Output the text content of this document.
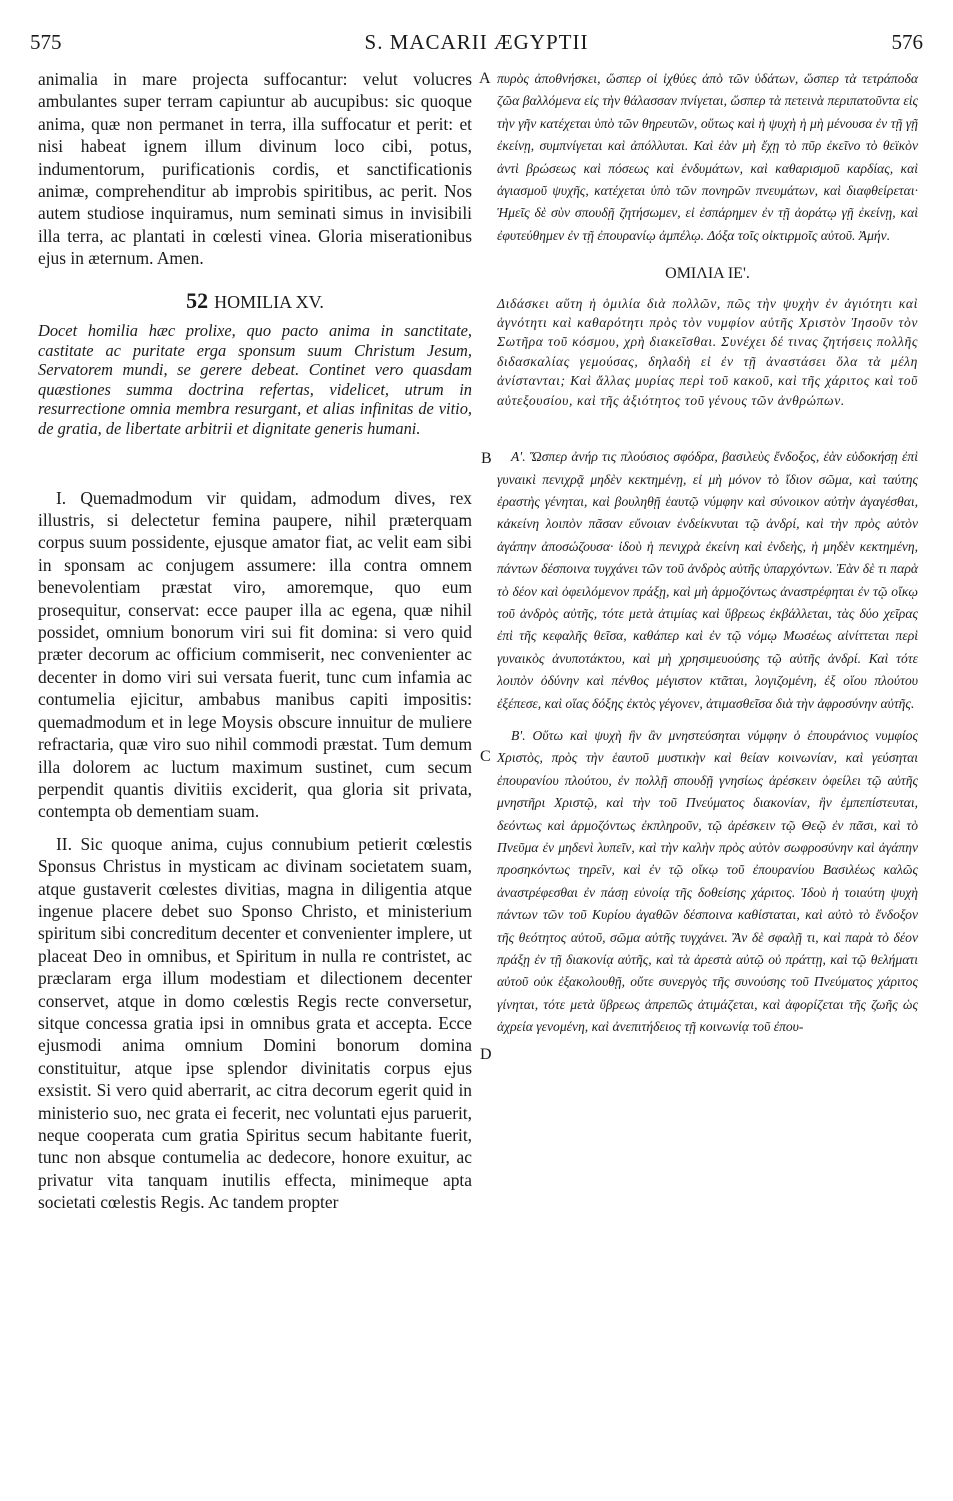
575	S. MACARII ÆGYPTII	576

animalia in mare projecta suffocantur: velut volucres ambulantes super terram capiuntur ab aucupibus: sic quoque anima, quæ non permanet in terra, illa suffocatur et perit: et nisi habeat ignem illum divinum loco cibi, potus, indumentorum, purificationis cordis, et sanctificationis animæ, comprehenditur ab improbis spiritibus, ac perit. Nos autem studiose inquiramus, num seminati simus in invisibili illa terra, ac plantati in cœlesti vinea. Gloria miserationibus ejus in æternum. Amen.

52 HOMILIA XV.

Docet homilia hæc prolixe, quo pacto anima in sanctitate, castitate ac puritate erga sponsum suum Christum Jesum, Servatorem mundi, se gerere debeat. Continet vero quasdam quæstiones summa doctrina refertas, videlicet, utrum in resurrectione omnia membra resurgant, et alias infinitas de vitio, de gratia, de libertate arbitrii et dignitate generis humani.

I. Quemadmodum vir quidam, admodum dives, rex illustris, si delectetur femina paupere, nihil præterquam corpus suum possidente, ejusque amator fiat, ac velit eam sibi in sponsam ac conjugem assumere: illa contra omnem benevolentiam præstat viro, amoremque, quo eum prosequitur, conservat: ecce pauper illa ac egena, quæ nihil possidet, omnium bonorum viri sui fit domina: si vero quid præter decorum ac officium commiserit, nec convenienter ac decenter in domo viri sui versata fuerit, tunc cum infamia ac contumelia ejicitur, ambabus manibus capiti impositis: quemadmodum et in lege Moysis obscure innuitur de muliere refractaria, quæ viro suo nihil commodi præstat. Tum demum illa dolorem ac luctum maximum sustinet, cum secum perpendit quantis divitiis exciderit, qua gloria sit privata, contempta ob dementiam suam.

II. Sic quoque anima, cujus connubium petierit cœlestis Sponsus Christus in mysticam ac divinam societatem suam, atque gustaverit cœlestes divitias, magna in diligentia atque ingenue placere debet suo Sponso Christo, et ministerium spiritum sibi concreditum decenter et convenienter implere, ut placeat Deo in omnibus, et Spiritum in nulla re contristet, ac præclaram erga illum modestiam et dilectionem decenter conservet, atque in domo cœlestis Regis recte conversetur, sitque concessa gratia ipsi in omnibus grata et accepta. Ecce ejusmodi anima omnium Domini bonorum domina constituitur, atque ipse splendor divinitatis corpus ejus exsistit. Si vero quid aberrarit, ac citra decorum egerit quid in ministerio suo, nec grata ei fecerit, nec voluntati ejus paruerit, neque cooperata cum gratia Spiritus secum habitante fuerit, tunc non absque contumelia ac dedecore, honore exuitur, ac privatur vita tanquam inutilis effecta, minimeque apta societati cœlestis Regis. Ac tandem propter

A
B
C
D

πυρὸς ἀποθνήσκει, ὥσπερ οἱ ἰχθύες ἀπὸ τῶν ὑδάτων, ὥσπερ τὰ τετράποδα ζῶα βαλλόμενα εἰς τὴν θάλασσαν πνίγεται, ὥσπερ τὰ πετεινὰ περιπατοῦντα εἰς τὴν γῆν κατέχεται ὑπὸ τῶν θηρευτῶν, οὕτως καὶ ἡ ψυχὴ ἡ μὴ μένουσα ἐν τῇ γῇ ἐκείνῃ, συμπνίγεται καὶ ἀπόλλυται. Καὶ ἐὰν μὴ ἔχῃ τὸ πῦρ ἐκεῖνο τὸ θεϊκὸν ἀντὶ βρώσεως καὶ πόσεως καὶ ἐνδυμάτων, καὶ καθαρισμοῦ καρδίας, καὶ ἁγιασμοῦ ψυχῆς, κατέχεται ὑπὸ τῶν πονηρῶν πνευμάτων, καὶ διαφθείρεται· Ἡμεῖς δὲ σὺν σπουδῇ ζητήσωμεν, εἰ ἐσπάρημεν ἐν τῇ ἀοράτῳ γῇ ἐκείνῃ, καὶ ἐφυτεύθημεν ἐν τῇ ἐπουρανίῳ ἀμπέλῳ. Δόξα τοῖς οἰκτιρμοῖς αὐτοῦ. Ἀμήν.

ΟΜΙΛΙΑ ΙΕ'.

Διδάσκει αὕτη ἡ ὁμιλία διὰ πολλῶν, πῶς τὴν ψυχὴν ἐν ἁγιότητι καὶ ἁγνότητι καὶ καθαρότητι πρὸς τὸν νυμφίον αὐτῆς Χριστὸν Ἰησοῦν τὸν Σωτῆρα τοῦ κόσμου, χρὴ διακεῖσθαι. Συνέχει δέ τινας ζητήσεις πολλῆς διδασκαλίας γεμούσας, δηλαδὴ εἰ ἐν τῇ ἀναστάσει ὅλα τὰ μέλη ἀνίστανται; Καὶ ἄλλας μυρίας περὶ τοῦ κακοῦ, καὶ τῆς χάριτος καὶ τοῦ αὐτεξουσίου, καὶ τῆς ἀξιότητος τοῦ γένους τῶν ἀνθρώπων.

Α'. Ὥσπερ ἀνήρ τις πλούσιος σφόδρα, βασιλεὺς ἔνδοξος, ἐὰν εὐδοκήσῃ ἐπὶ γυναικὶ πενιχρᾷ μηδὲν κεκτημένῃ, εἰ μὴ μόνον τὸ ἴδιον σῶμα, καὶ ταύτης ἐραστὴς γένηται, καὶ βουληθῇ ἑαυτῷ νύμφην καὶ σύνοικον αὐτὴν ἀγαγέσθαι, κἀκείνη λοιπὸν πᾶσαν εὔνοιαν ἐνδείκνυται τῷ ἀνδρί, καὶ τὴν πρὸς αὐτὸν ἀγάπην ἀποσώζουσα· ἰδοὺ ἡ πενιχρὰ ἐκείνη καὶ ἐνδεὴς, ἡ μηδὲν κεκτημένη, πάντων δέσποινα τυγχάνει τῶν τοῦ ἀνδρὸς αὐτῆς ὑπαρχόντων. Ἐὰν δὲ τι παρὰ τὸ δέον καὶ ὀφειλόμενον πράξῃ, καὶ μὴ ἁρμοζόντως ἀναστρέφηται ἐν τῷ οἴκῳ τοῦ ἀνδρὸς αὐτῆς, τότε μετὰ ἀτιμίας καὶ ὕβρεως ἐκβάλλεται, τὰς δύο χεῖρας ἐπὶ τῆς κεφαλῆς θεῖσα, καθάπερ καὶ ἐν τῷ νόμῳ Μωσέως αἰνίττεται περὶ γυναικὸς ἀνυποτάκτου, καὶ μὴ χρησιμευούσης τῷ αὐτῆς ἀνδρί. Καὶ τότε λοιπὸν ὀδύνην καὶ πένθος μέγιστον κτᾶται, λογιζομένη, ἐξ οἵου πλούτου ἐξέπεσε, καὶ οἵας δόξης ἐκτὸς γέγονεν, ἀτιμασθεῖσα διὰ τὴν ἀφροσύνην αὐτῆς.

Β'. Οὕτω καὶ ψυχὴ ἣν ἂν μνηστεύσηται νύμφην ὁ ἐπουράνιος νυμφίος Χριστὸς, πρὸς τὴν ἑαυτοῦ μυστικὴν καὶ θείαν κοινωνίαν, καὶ γεύσηται ἐπουρανίου πλούτου, ἐν πολλῇ σπουδῇ γνησίως ἀρέσκειν ὀφείλει τῷ αὐτῆς μνηστῆρι Χριστῷ, καὶ τὴν τοῦ Πνεύματος διακονίαν, ἣν ἐμπεπίστευται, δεόντως καὶ ἁρμοζόντως ἐκπληροῦν, τῷ ἀρέσκειν τῷ Θεῷ ἐν πᾶσι, καὶ τὸ Πνεῦμα ἐν μηδενὶ λυπεῖν, καὶ τὴν καλὴν πρὸς αὐτὸν σωφροσύνην καὶ ἀγάπην προσηκόντως τηρεῖν, καὶ ἐν τῷ οἴκῳ τοῦ ἐπουρανίου Βασιλέως καλῶς ἀναστρέφεσθαι ἐν πάσῃ εὐνοίᾳ τῆς δοθείσης χάριτος. Ἰδοὺ ἡ τοιαύτη ψυχὴ πάντων τῶν τοῦ Κυρίου ἀγαθῶν δέσποινα καθίσταται, καὶ αὐτὸ τὸ ἔνδοξον τῆς θεότητος αὐτοῦ, σῶμα αὐτῆς τυγχάνει. Ἂν δὲ σφαλῇ τι, καὶ παρὰ τὸ δέον πράξῃ ἐν τῇ διακονίᾳ αὐτῆς, καὶ τὰ ἀρεστὰ αὐτῷ οὐ πράττῃ, καὶ τῷ θελήματι αὐτοῦ οὐκ ἐξακολουθῇ, οὔτε συνεργὸς τῆς συνούσης τοῦ Πνεύματος χάριτος γίνηται, τότε μετὰ ὕβρεως ἀπρεπῶς ἀτιμάζεται, καὶ ἀφορίζεται τῆς ζωῆς ὡς ἀχρεία γενομένη, καὶ ἀνεπιτήδειος τῇ κοινωνίᾳ τοῦ ἐπου-
